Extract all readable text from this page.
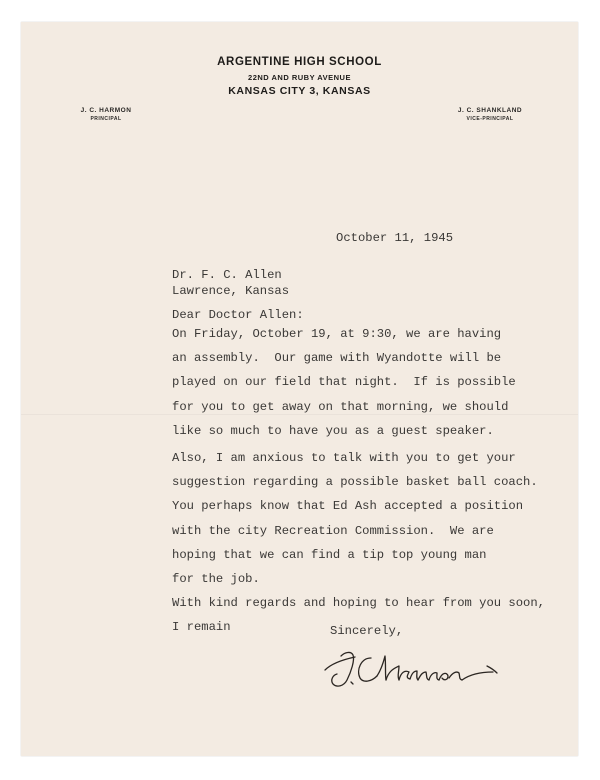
ARGENTINE HIGH SCHOOL
22ND AND RUBY AVENUE
KANSAS CITY 3, KANSAS
J. C. HARMON
PRINCIPAL
J. C. SHANKLAND
VICE-PRINCIPAL
October 11, 1945
Dr. F. C. Allen
Lawrence, Kansas
Dear Doctor Allen:
On Friday, October 19, at 9:30, we are having
an assembly.  Our game with Wyandotte will be
played on our field that night.  If is possible
for you to get away on that morning, we should
like so much to have you as a guest speaker.
Also, I am anxious to talk with you to get your
suggestion regarding a possible basket ball coach.
You perhaps know that Ed Ash accepted a position
with the city Recreation Commission.  We are
hoping that we can find a tip top young man
for the job.
With kind regards and hoping to hear from you soon,
I remain	Sincerely,
